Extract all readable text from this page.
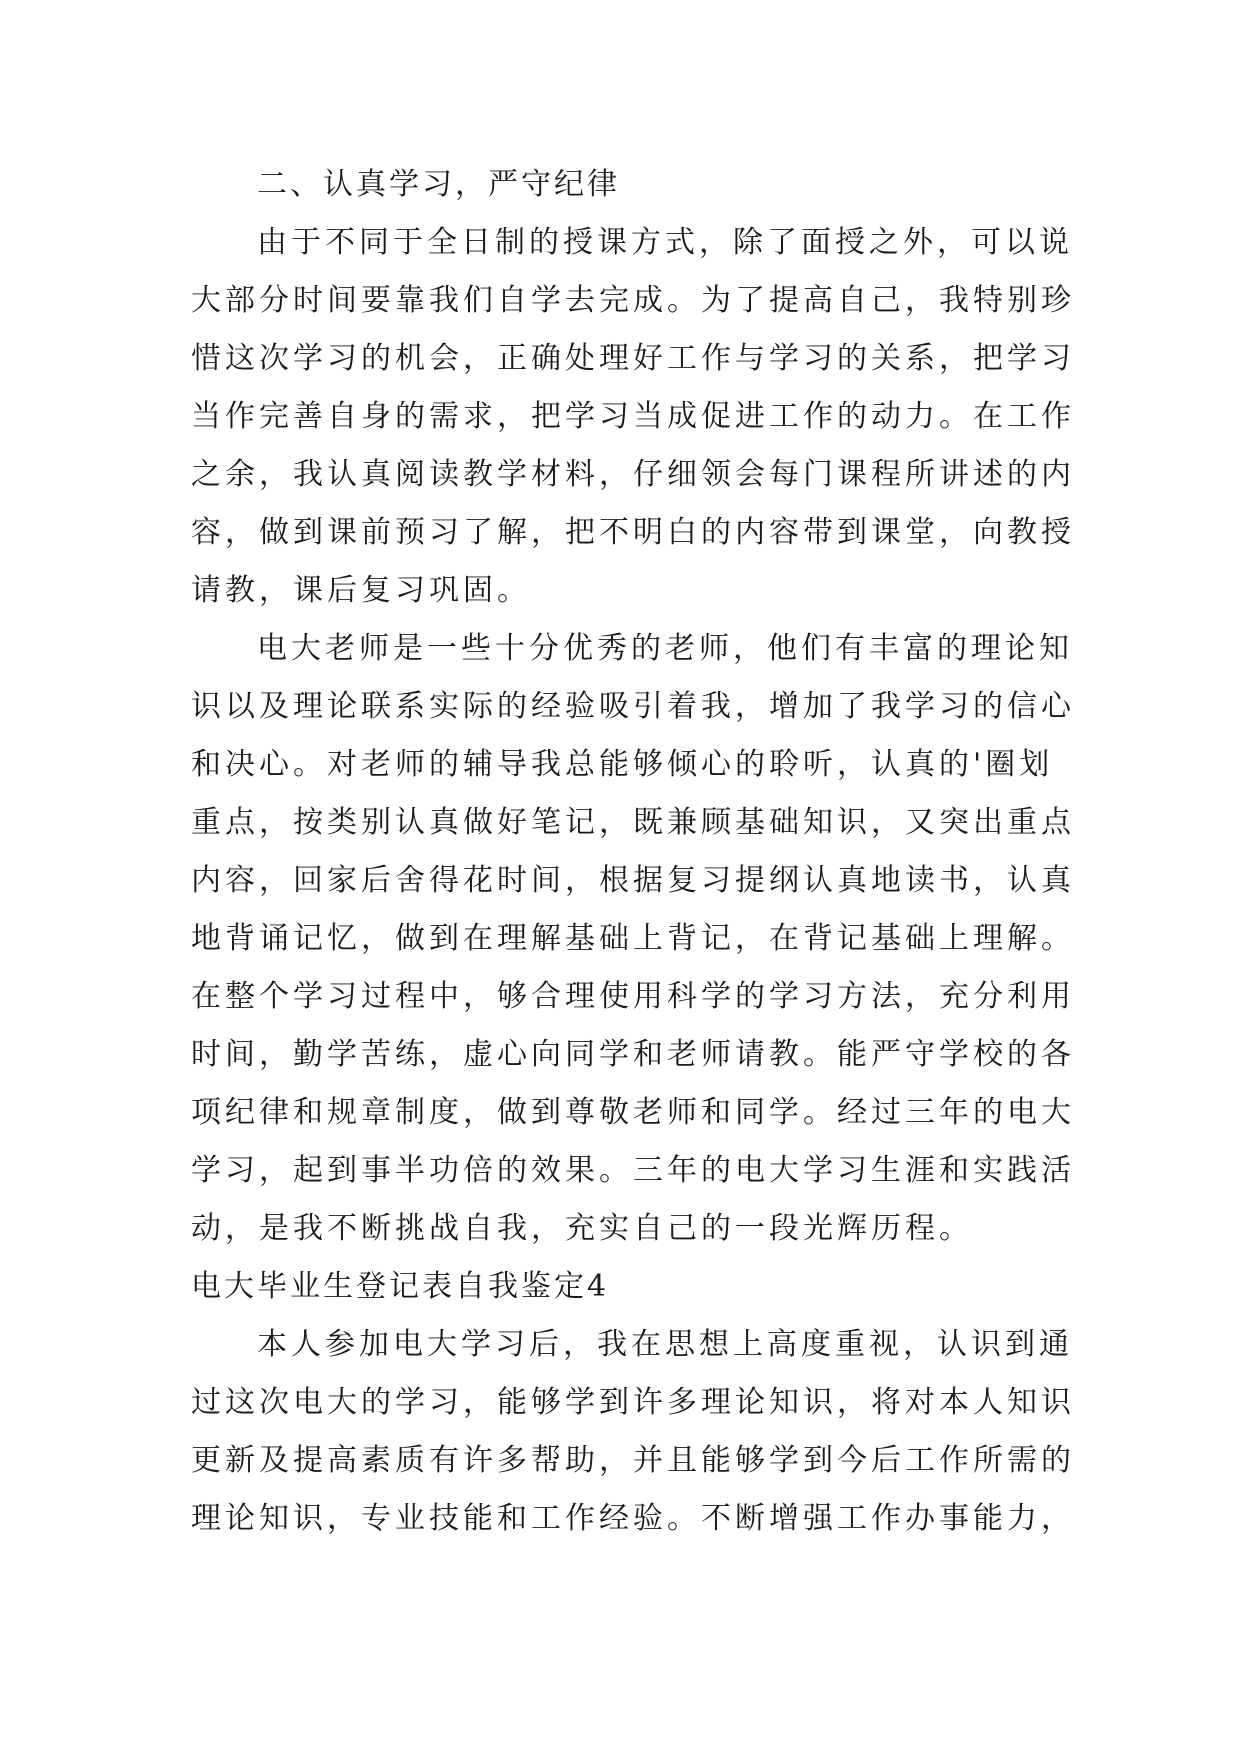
二、认真学习，严守纪律
由于不同于全日制的授课方式，除了面授之外，可以说
大部分时间要靠我们自学去完成。为了提高自己，我特别珍
惜这次学习的机会，正确处理好工作与学习的关系，把学习
当作完善自身的需求，把学习当成促进工作的动力。在工作
之余，我认真阅读教学材料，仔细领会每门课程所讲述的内
容，做到课前预习了解，把不明白的内容带到课堂，向教授
请教，课后复习巩固。
电大老师是一些十分优秀的老师，他们有丰富的理论知
识以及理论联系实际的经验吸引着我，增加了我学习的信心
和决心。对老师的辅导我总能够倾心的聆听，认真的'圈划
重点，按类别认真做好笔记，既兼顾基础知识，又突出重点
内容，回家后舍得花时间，根据复习提纲认真地读书，认真
地背诵记忆，做到在理解基础上背记，在背记基础上理解。
在整个学习过程中，够合理使用科学的学习方法，充分利用
时间，勤学苦练，虚心向同学和老师请教。能严守学校的各
项纪律和规章制度，做到尊敬老师和同学。经过三年的电大
学习，起到事半功倍的效果。三年的电大学习生涯和实践活
动，是我不断挑战自我，充实自己的一段光辉历程。
电大毕业生登记表自我鉴定4
本人参加电大学习后，我在思想上高度重视，认识到通
过这次电大的学习，能够学到许多理论知识，将对本人知识
更新及提高素质有许多帮助，并且能够学到今后工作所需的
理论知识，专业技能和工作经验。不断增强工作办事能力，
